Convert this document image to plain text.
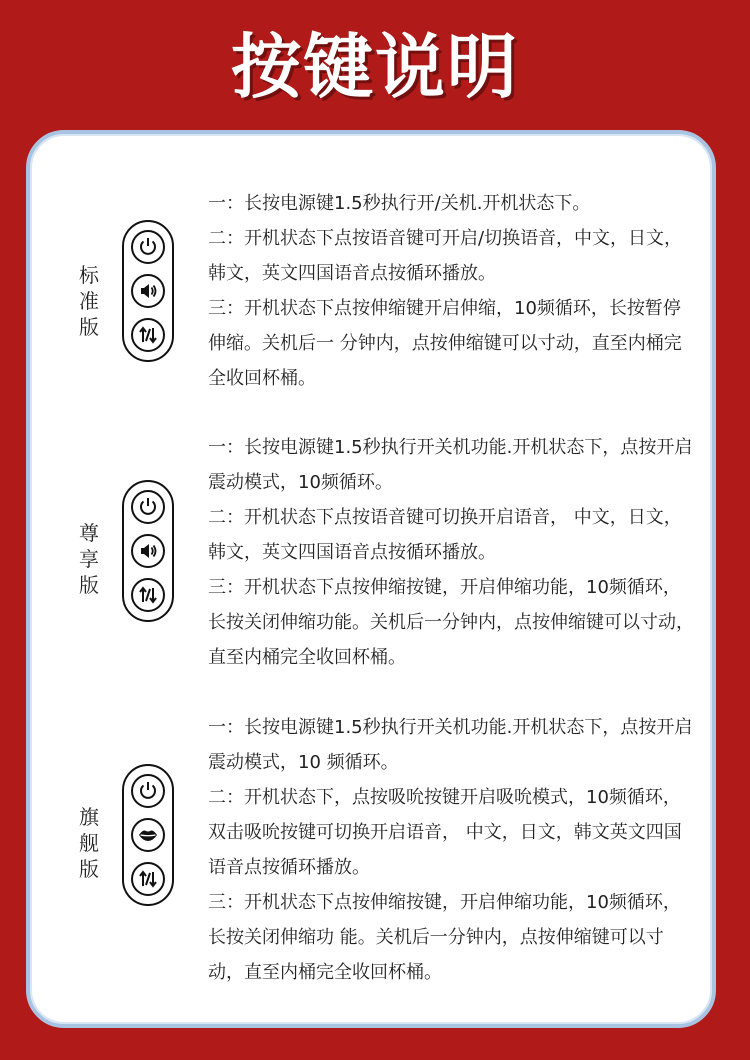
按键说明
标准版

一：长按电源键1.5秒执行开/关机.开机状态下。

二：开机状态下点按语音键可开启/切换语音，中文，日文，韩文，英文四国语音点按循环播放。

三：开机状态下点按伸缩键开启伸缩，10频循环，长按暂停伸缩。关机后一 分钟内，点按伸缩键可以寸动，直至内桶完全收回杯桶。

尊享版

一：长按电源键1.5秒执行开关机功能.开机状态下，点按开启震动模式，10频循环。

二：开机状态下点按语音键可切换开启语音， 中文，日文，韩文，英文四国语音点按循环播放。

三：开机状态下点按伸缩按键，开启伸缩功能，10频循环，长按关闭伸缩功能。关机后一分钟内，点按伸缩键可以寸动，直至内桶完全收回杯桶。

旗舰版

一：长按电源键1.5秒执行开关机功能.开机状态下，点按开启震动模式，10 频循环。

二：开机状态下，点按吸吮按键开启吸吮模式，10频循环，双击吸吮按键可切换开启语音， 中文，日文，韩文英文四国语音点按循环播放。

三：开机状态下点按伸缩按键，开启伸缩功能，10频循环，长按关闭伸缩功 能。关机后一分钟内，点按伸缩键可以寸动，直至内桶完全收回杯桶。
